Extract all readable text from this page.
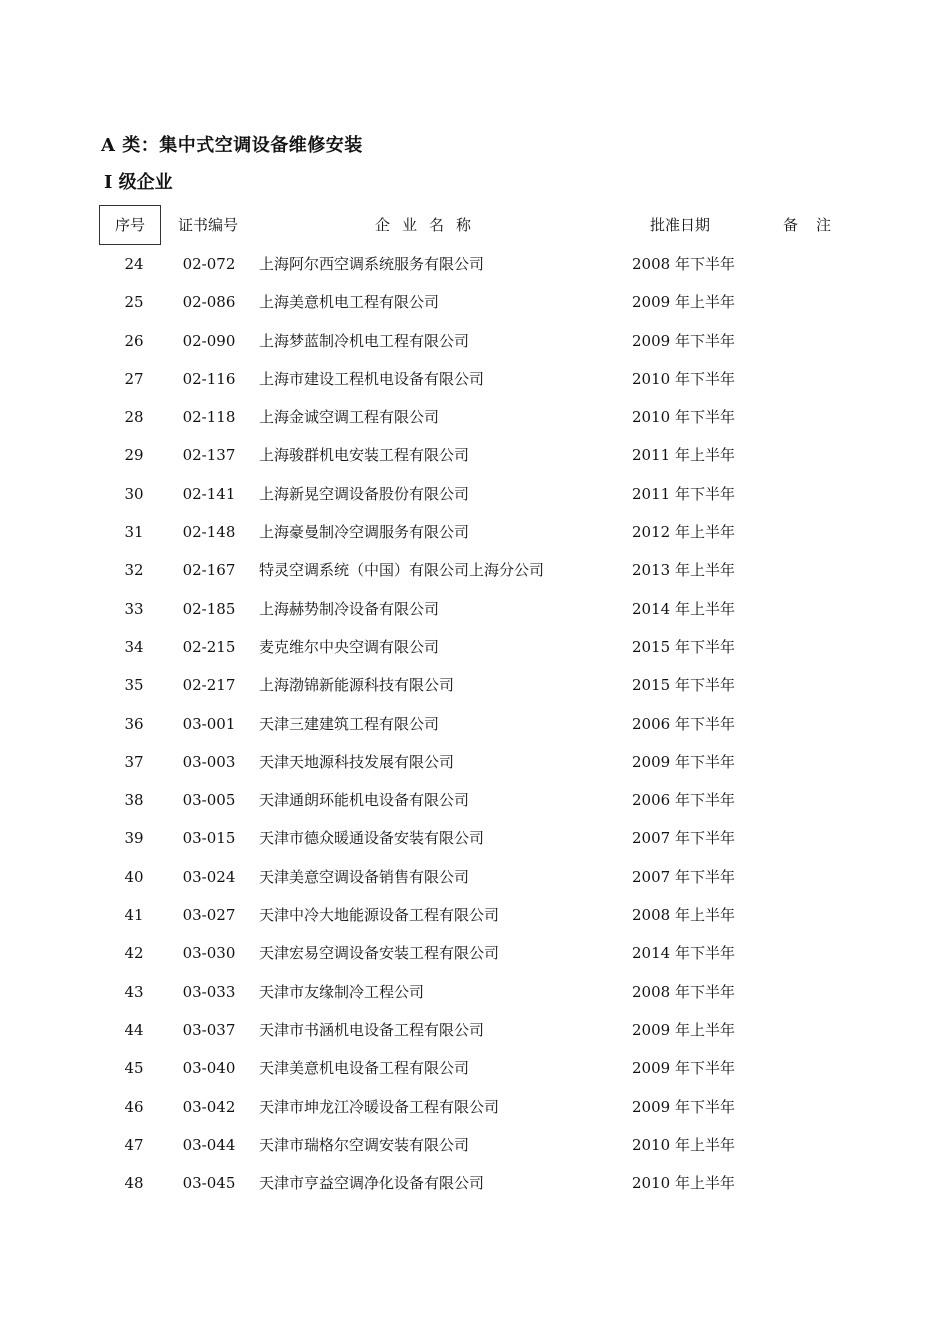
A 类：集中式空调设备维修安装
Ⅰ 级企业
序号	证书编号	企业名称	批准日期	备注
24	02-072	上海阿尔西空调系统服务有限公司	2008 年下半年
25	02-086	上海美意机电工程有限公司	2009 年上半年
26	02-090	上海梦蓝制冷机电工程有限公司	2009 年下半年
27	02-116	上海市建设工程机电设备有限公司	2010 年下半年
28	02-118	上海金诚空调工程有限公司	2010 年下半年
29	02-137	上海骏群机电安装工程有限公司	2011 年上半年
30	02-141	上海新晃空调设备股份有限公司	2011 年下半年
31	02-148	上海豪曼制冷空调服务有限公司	2012 年上半年
32	02-167	特灵空调系统（中国）有限公司上海分公司	2013 年上半年
33	02-185	上海赫势制冷设备有限公司	2014 年上半年
34	02-215	麦克维尔中央空调有限公司	2015 年下半年
35	02-217	上海渤锦新能源科技有限公司	2015 年下半年
36	03-001	天津三建建筑工程有限公司	2006 年下半年
37	03-003	天津天地源科技发展有限公司	2009 年下半年
38	03-005	天津通朗环能机电设备有限公司	2006 年下半年
39	03-015	天津市德众暖通设备安装有限公司	2007 年下半年
40	03-024	天津美意空调设备销售有限公司	2007 年下半年
41	03-027	天津中冷大地能源设备工程有限公司	2008 年上半年
42	03-030	天津宏易空调设备安装工程有限公司	2014 年下半年
43	03-033	天津市友缘制冷工程公司	2008 年下半年
44	03-037	天津市书涵机电设备工程有限公司	2009 年上半年
45	03-040	天津美意机电设备工程有限公司	2009 年下半年
46	03-042	天津市坤龙江冷暖设备工程有限公司	2009 年下半年
47	03-044	天津市瑞格尔空调安装有限公司	2010 年上半年
48	03-045	天津市亨益空调净化设备有限公司	2010 年上半年
